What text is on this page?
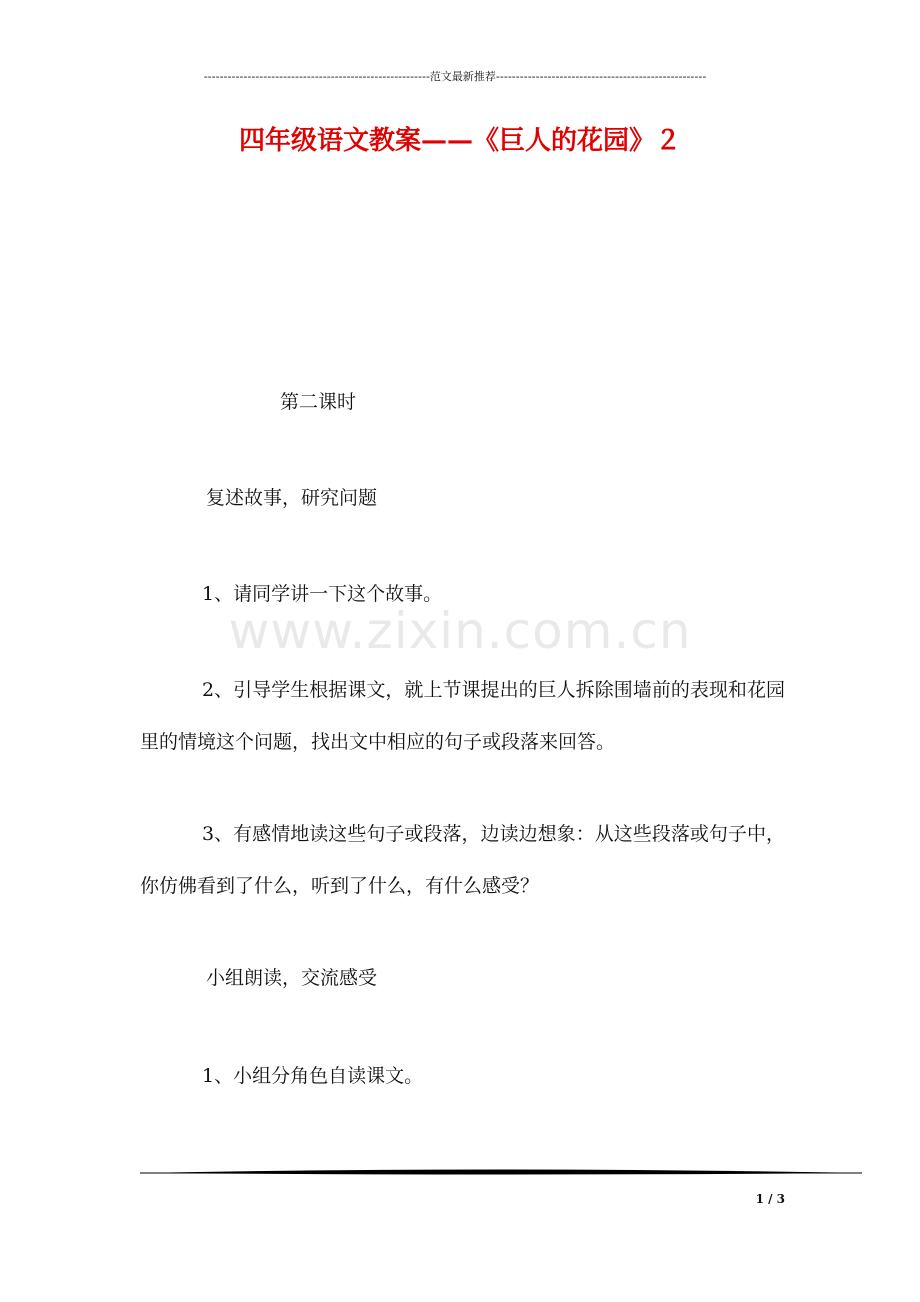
---------------------------------------------------------范文最新推荐-----------------------------------------------------
四年级语文教案——《巨人的花园》２
第二课时
复述故事，研究问题
1、请同学讲一下这个故事。
2、引导学生根据课文，就上节课提出的巨人拆除围墙前的表现和花园里的情境这个问题，找出文中相应的句子或段落来回答。
3、有感情地读这些句子或段落，边读边想象：从这些段落或句子中，你仿佛看到了什么，听到了什么，有什么感受？
小组朗读，交流感受
1、小组分角色自读课文。
www.zixin.com.cn
1 / 3
